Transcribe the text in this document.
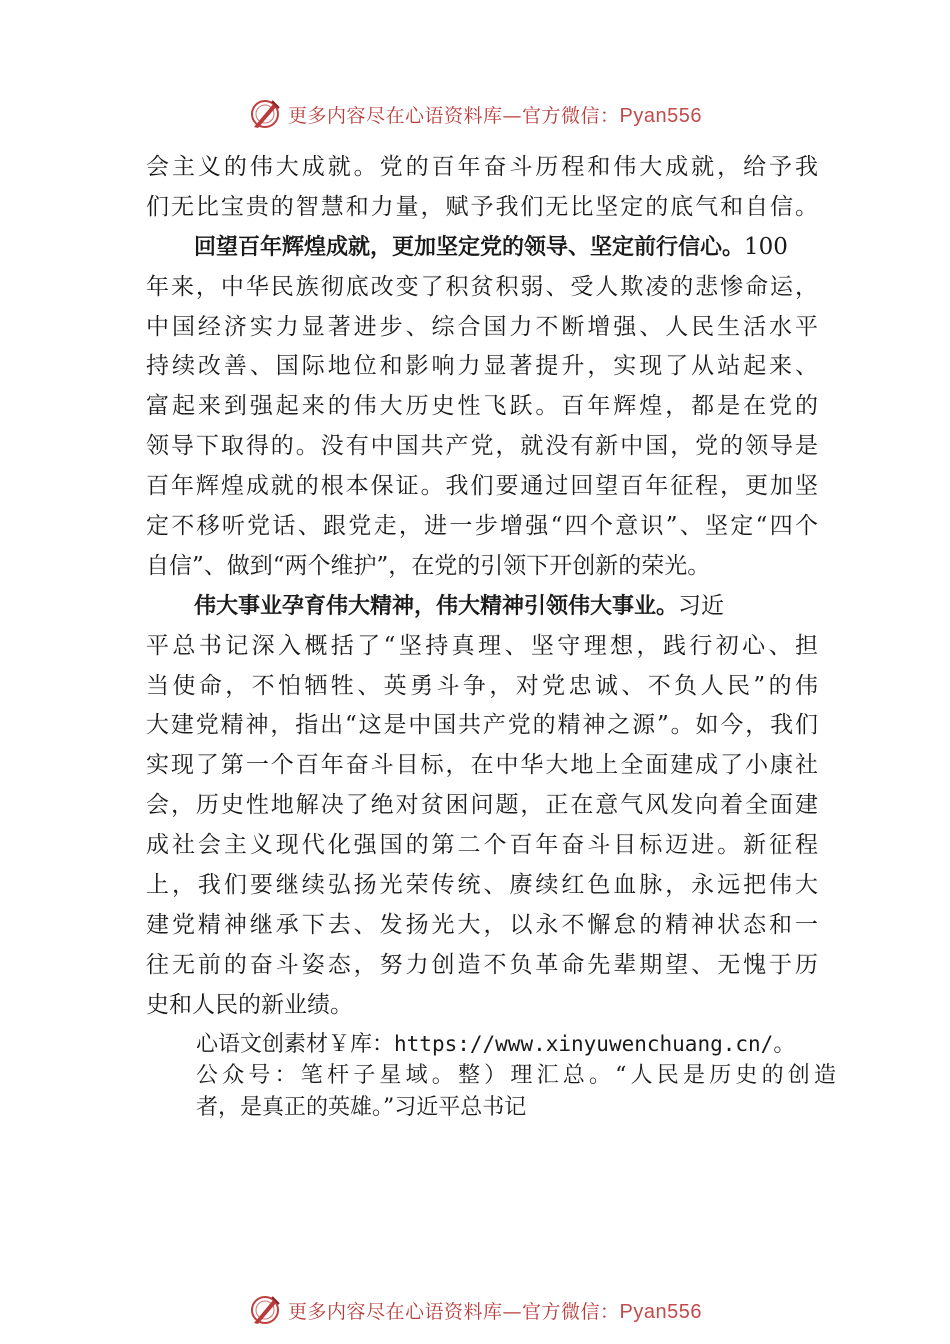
更多内容尽在心语资料库—官方微信：Pyan556
会主义的伟大成就。党的百年奋斗历程和伟大成就，给予我
们无比宝贵的智慧和力量，赋予我们无比坚定的底气和自信。
回望百年辉煌成就，更加坚定党的领导、坚定前行信心。100
年来，中华民族彻底改变了积贫积弱、受人欺凌的悲惨命运，
中国经济实力显著进步、综合国力不断增强、人民生活水平
持续改善、国际地位和影响力显著提升，实现了从站起来、
富起来到强起来的伟大历史性飞跃。百年辉煌，都是在党的
领导下取得的。没有中国共产党，就没有新中国，党的领导是
百年辉煌成就的根本保证。我们要通过回望百年征程，更加坚
定不移听党话、跟党走，进一步增强“四个意识”、坚定“四个
自信”、做到“两个维护”，在党的引领下开创新的荣光。
伟大事业孕育伟大精神，伟大精神引领伟大事业。习近
平总书记深入概括了“坚持真理、坚守理想，践行初心、担
当使命，不怕牺牲、英勇斗争，对党忠诚、不负人民”的伟
大建党精神，指出“这是中国共产党的精神之源”。如今，我们
实现了第一个百年奋斗目标，在中华大地上全面建成了小康社
会，历史性地解决了绝对贫困问题，正在意气风发向着全面建
成社会主义现代化强国的第二个百年奋斗目标迈进。新征程
上，我们要继续弘扬光荣传统、赓续红色血脉，永远把伟大
建党精神继承下去、发扬光大，以永不懈怠的精神状态和一
往无前的奋斗姿态，努力创造不负革命先辈期望、无愧于历
史和人民的新业绩。
心语文创素材￥库：https://www.xinyuwenchuang.cn/。
公众号：笔杆子星域。整）理汇总。“人民是历史的创造
者，是真正的英雄。”习近平总书记
更多内容尽在心语资料库—官方微信：Pyan556
